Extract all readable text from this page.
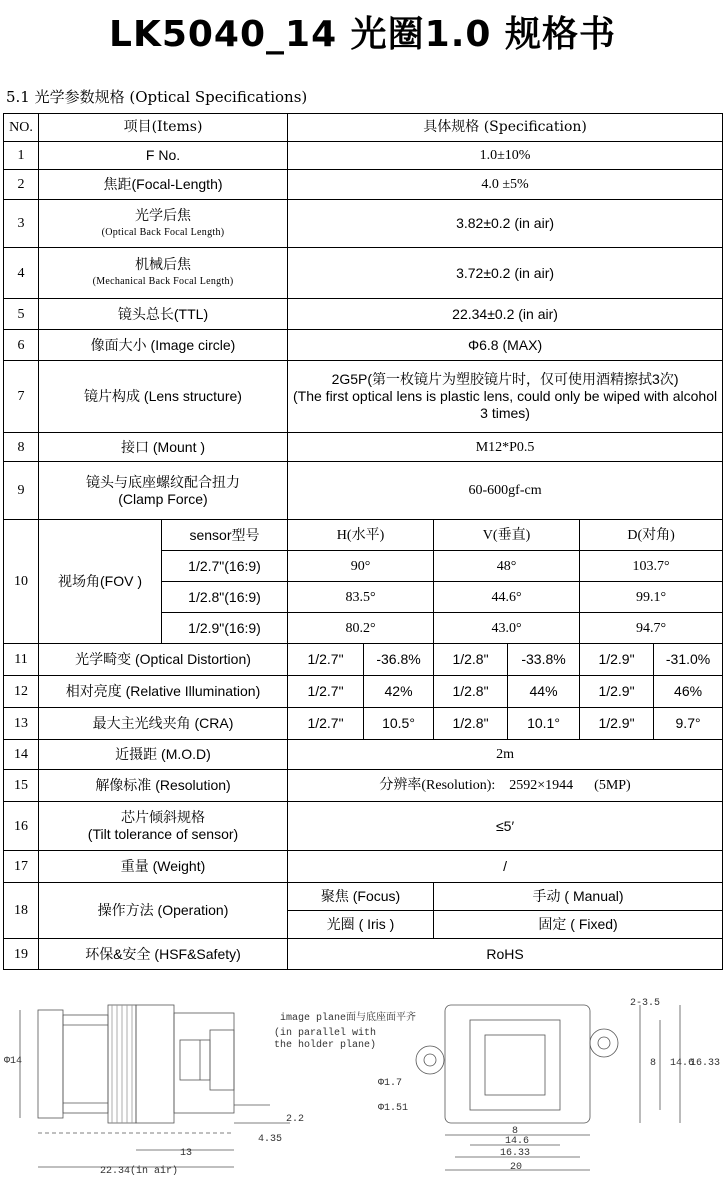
LK5040_14 光圈1.0 规格书
5.1 光学参数规格 (Optical Specifications)
NO.	项目(Items)		具体规格 (Specification)					
1	F No.		1.0±10%					
2	焦距(Focal-Length)		4.0 ±5%					
3	光学后焦
(Optical Back Focal Length)		3.82±0.2 (in air)					
4	机械后焦
(Mechanical Back Focal Length)		3.72±0.2 (in air)					
5	镜头总长(TTL)		22.34±0.2 (in air)					
6	像面大小 (Image circle)		Φ6.8 (MAX)					
7	镜片构成 (Lens structure)		2G5P(第一枚镜片为塑胶镜片时，仅可使用酒精擦拭3次)
(The first optical lens is plastic lens, could only be wiped with alcohol 3 times)					

8	接口 (Mount )		M12*P0.5					
9	镜头与底座螺纹配合扭力
(Clamp Force)		60-600gf-cm					
10	视场角(FOV )	sensor型号	H(水平)		V(垂直)		D(对角)	
		1/2.7"(16:9)	90°		48°		103.7°	
		1/2.8"(16:9)	83.5°		44.6°		99.1°	
		1/2.9"(16:9)	80.2°		43.0°		94.7°	
11	光学畸变 (Optical Distortion)		1/2.7"	-36.8%	1/2.8"	-33.8%	1/2.9"	-31.0%
12	相对亮度 (Relative Illumination)		1/2.7"	42%	1/2.8"	44%	1/2.9"	46%
13	最大主光线夹角 (CRA)		1/2.7"	10.5°	1/2.8"	10.1°	1/2.9"	9.7°
14	近摄距 (M.O.D)		2m					
15	解像标准 (Resolution)		分辨率(Resolution):    2592×1944      (5MP)					
16	芯片倾斜规格
(Tilt tolerance of sensor)		≤5′					
17	重量 (Weight)		/					
18	操作方法 (Operation)		聚焦 (Focus)		手动 ( Manual)			
			光圈 ( Iris )		固定 ( Fixed)			
19	环保&安全 (HSF&Safety)		RoHS					
Φ14
2.2
4.35
13
22.34(in air)
image plane面与底座面平齐
(in parallel with
the holder plane)
2-3.5
8 14.6
16.33
Φ1.7
Φ1.51
8
14.6
16.33
20
